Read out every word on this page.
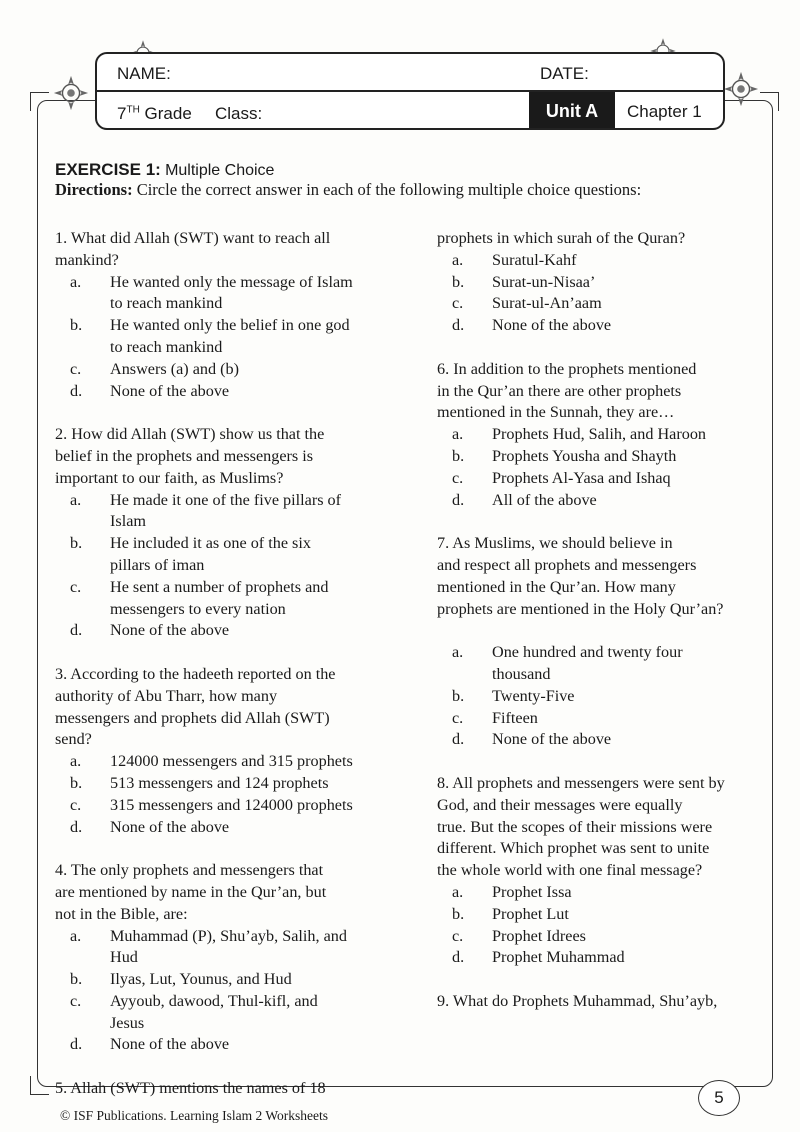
NAME:	DATE:
7TH Grade Class:	Unit A	Chapter 1
EXERCISE 1: Multiple Choice
Directions: Circle the correct answer in each of the following multiple choice questions:
1. What did Allah (SWT) want to reach all
mankind?
a.	He wanted only the message of Islam
to reach mankind
b.	He wanted only the belief in one god
to reach mankind
c.	Answers (a) and (b)
d.	None of the above
2. How did Allah (SWT) show us that the
belief in the prophets and messengers is
important to our faith, as Muslims?
a.	He made it one of the five pillars of
Islam
b.	He included it as one of the six
pillars of iman
c.	He sent a number of prophets and
messengers to every nation
d.	None of the above
3. According to the hadeeth reported on the
authority of Abu Tharr, how many
messengers and prophets did Allah (SWT)
send?
a.	124000 messengers and 315 prophets
b.	513 messengers and 124 prophets
c.	315 messengers and 124000 prophets
d.	None of the above
4. The only prophets and messengers that
are mentioned by name in the Qur’an, but
not in the Bible, are:
a.	Muhammad (P), Shu’ayb, Salih, and
Hud
b.	Ilyas, Lut, Younus, and Hud
c.	Ayyoub, dawood, Thul-kifl, and
Jesus
d.	None of the above
5. Allah (SWT) mentions the names of 18
prophets in which surah of the Quran?
a.	Suratul-Kahf
b.	Surat-un-Nisaa’
c.	Surat-ul-An’aam
d.	None of the above
6. In addition to the prophets mentioned
in the Qur’an there are other prophets
mentioned in the Sunnah, they are…
a.	Prophets Hud, Salih, and Haroon
b.	Prophets Yousha and Shayth
c.	Prophets Al-Yasa and Ishaq
d.	All of the above
7. As Muslims, we should believe in
and respect all prophets and messengers
mentioned in the Qur’an. How many
prophets are mentioned in the Holy Qur’an?
a.	One hundred and twenty four
thousand
b.	Twenty-Five
c.	Fifteen
d.	None of the above
8. All prophets and messengers were sent by
God, and their messages were equally
true. But the scopes of their missions were
different. Which prophet was sent to unite
the whole world with one final message?
a.	Prophet Issa
b.	Prophet Lut
c.	Prophet Idrees
d.	Prophet Muhammad
9. What do Prophets Muhammad, Shu’ayb,
5
© ISF Publications. Learning Islam 2 Worksheets
